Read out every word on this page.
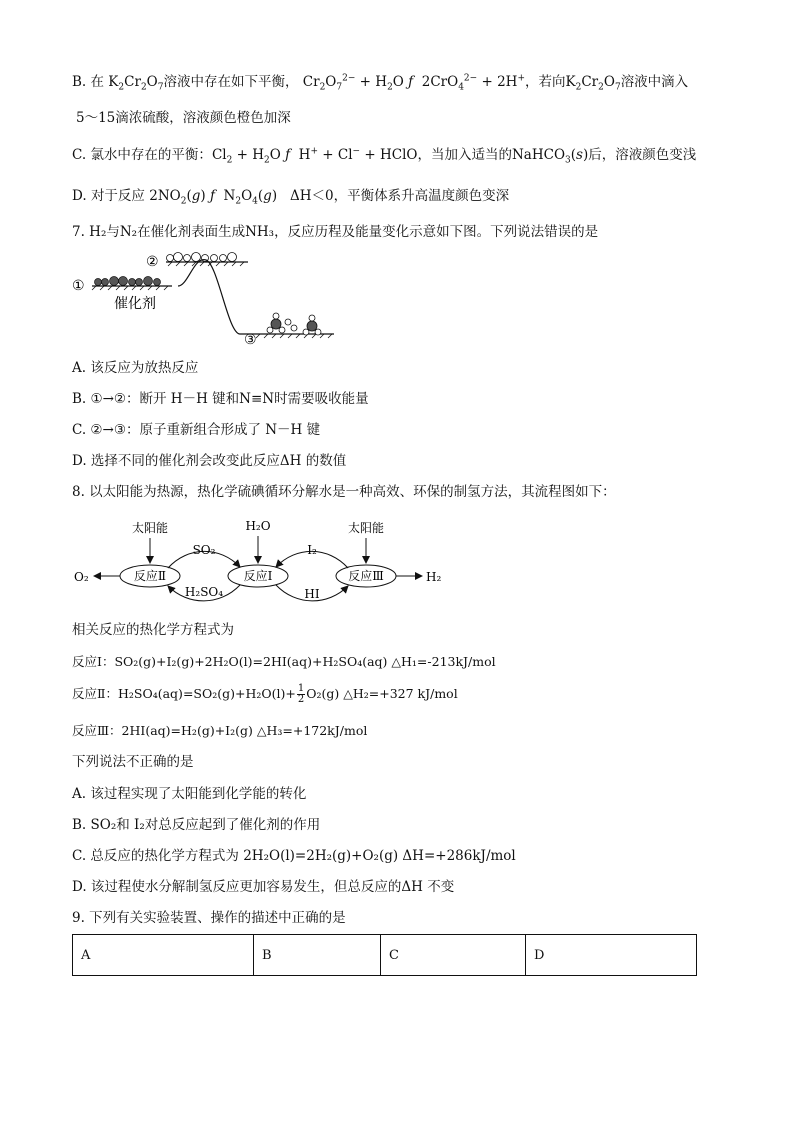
B. 在 $K_2Cr_2O_7$溶液中存在如下平衡， $Cr_2O_7^{2-} + H_2O$ ƒ  2CrO$_4^{2-}$ + 2H+，若向$K_2Cr_2O_7$溶液中滴入
5～15滴浓硫酸，溶液颜色橙色加深
C. 氯水中存在的平衡：$Cl_2 + H_2O$ ƒ  H+ + Cl− + HClO，当加入适当的NaHCO$_3$(s)后，溶液颜色变浅
D. 对于反应 $2NO_2(g)$ ƒ  $N_2O_4(g)$   ΔH＜0，平衡体系升高温度颜色变深
7. H₂与N₂在催化剂表面生成NH₃，反应历程及能量变化示意如下图。下列说法错误的是
①
②
③
催化剂
A. 该反应为放热反应
B. ①→②：断开 H－H 键和N≡N时需要吸收能量
C. ②→③：原子重新组合形成了 N－H 键
D. 选择不同的催化剂会改变此反应ΔH 的数值
8. 以太阳能为热源，热化学硫碘循环分解水是一种高效、环保的制氢方法，其流程图如下：
反应Ⅱ	反应Ⅰ	反应Ⅲ
太阳能	H₂O	太阳能
SO₂
H₂SO₄
I₂
HI
O₂	H₂
相关反应的热化学方程式为
反应Ⅰ：SO₂(g)+I₂(g)+2H₂O(l)=2HI(aq)+H₂SO₄(aq) △H₁=-213kJ/mol
反应Ⅱ：$H_2SO_4(aq)=SO_2(g)+H_2O(l)+ \frac{1}{2} O_2(g)$ △H₂=+327 kJ/mol
反应Ⅲ：2HI(aq)=H₂(g)+I₂(g) △H₃=+172kJ/mol
下列说法不正确的是
A. 该过程实现了太阳能到化学能的转化
B. SO₂和 I₂对总反应起到了催化剂的作用
C. 总反应的热化学方程式为 2H₂O(l)=2H₂(g)+O₂(g) ΔH=+286kJ/mol
D. 该过程使水分解制氢反应更加容易发生，但总反应的ΔH 不变
9. 下列有关实验装置、操作的描述中正确的是
A	B	C	D
